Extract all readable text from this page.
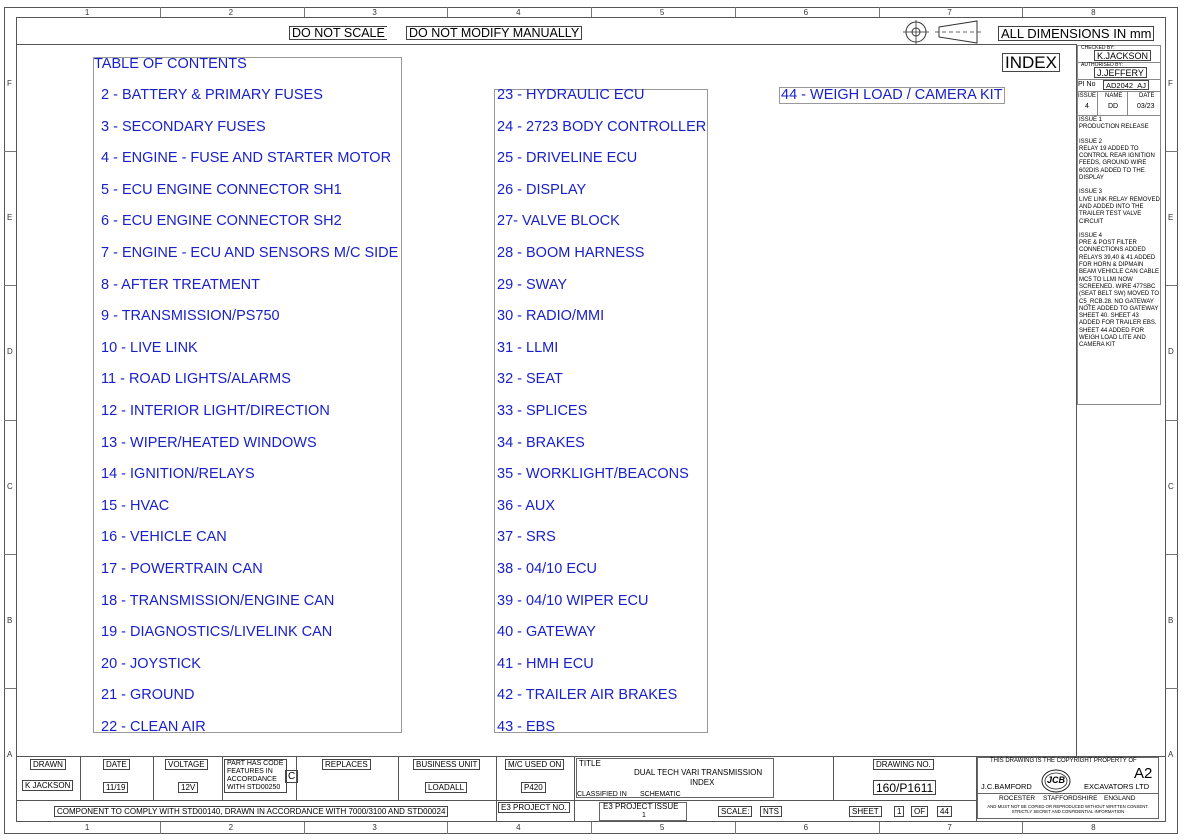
1
1
2
2
3
3
4
4
5
5
6
6
7
7
8
8
F	F
E	E
D	D
C	C
B	B
A	A
DO NOT SCALE DO NOT MODIFY MANUALLY	ALL DIMENSIONS IN mm
INDEX
TABLE OF CONTENTS
2 - BATTERY & PRIMARY FUSES
3 - SECONDARY FUSES
4 - ENGINE - FUSE AND STARTER MOTOR
5 - ECU ENGINE CONNECTOR SH1
6 - ECU ENGINE CONNECTOR SH2
7 - ENGINE - ECU AND SENSORS M/C SIDE
8 - AFTER TREATMENT
9 - TRANSMISSION/PS750
10 - LIVE LINK
11 - ROAD LIGHTS/ALARMS
12 - INTERIOR LIGHT/DIRECTION
13 - WIPER/HEATED WINDOWS
14 - IGNITION/RELAYS
15 - HVAC
16 - VEHICLE CAN
17 - POWERTRAIN CAN
18 - TRANSMISSION/ENGINE CAN
19 - DIAGNOSTICS/LIVELINK CAN
20 - JOYSTICK
21 - GROUND
22 - CLEAN AIR
23 - HYDRAULIC ECU
24 - 2723 BODY CONTROLLER
25 - DRIVELINE ECU
26 - DISPLAY
27- VALVE BLOCK
28 - BOOM HARNESS
29 - SWAY
30 - RADIO/MMI
31 - LLMI
32 - SEAT
33 - SPLICES
34 - BRAKES
35 - WORKLIGHT/BEACONS
36 - AUX
37 - SRS
38 - 04/10 ECU
39 - 04/10 WIPER ECU
40 - GATEWAY
41 - HMH ECU
42 - TRAILER AIR BRAKES
43 - EBS
44 - WEIGH LOAD / CAMERA KIT
CHECKED BY:
K.JACKSON
AUTHORISED BY:
J.JEFFERY
PI No	AD2042_AJ
ISSUE
4
NAME
DD
DATE
03/23
ISSUE 1
PRODUCTION RELEASE
ISSUE 2
RELAY 19 ADDED TO CONTROL REAR IGNITION FEEDS, GROUND WIRE 602DIS ADDED TO THE DISPLAY
ISSUE 3
LIVE LINK RELAY REMOVED AND ADDED INTO THE TRAILER TEST VALVE CIRCUIT
ISSUE 4
PRE & POST FILTER CONNECTIONS ADDED RELAYS 39,40 & 41 ADDED FOR HORN & DIPMAIN BEAM VEHICLE CAN CABLE MC5 TO LLMI NOW SCREENED. WIRE 477SBC (SEAT BELT SW) MOVED TO C5_RCB.28. NO GATEWAY NOTE ADDED TO GATEWAY SHEET 40. SHEET 43 ADDED FOR TRAILER EBS. SHEET 44 ADDED FOR WEIGH LOAD LITE AND CAMERA KIT
DRAWN
K JACKSON
DATE
11/19
VOLTAGE
12V
PART HAS CODE FEATURES IN ACCORDANCE WITH STD00250
C
REPLACES	BUSINESS UNIT
LOADALL
M/C USED ON
P420
TITLE
DUAL TECH VARI TRANSMISSION
INDEX
CLASSIFIED IN SCHEMATIC
DRAWING NO.
160/P1611
COMPONENT TO COMPLY WITH STD00140, DRAWN IN ACCORDANCE WITH 7000/3100 AND STD00024	E3 PROJECT NO.	E3 PROJECT ISSUE
1	SCALE:	NTS	SHEET	1	OF	44
THIS DRAWING IS THE COPYRIGHT PROPERTY OF
A2
J.C.BAMFORD
JCB
EXCAVATORS LTD
ROCESTER STAFFORDSHIRE ENGLAND
AND MUST NOT BE COPIED OR REPRODUCED WITHOUT WRITTEN CONSENT. STRICTLY SECRET AND CONFIDENTIAL INFORMATION
